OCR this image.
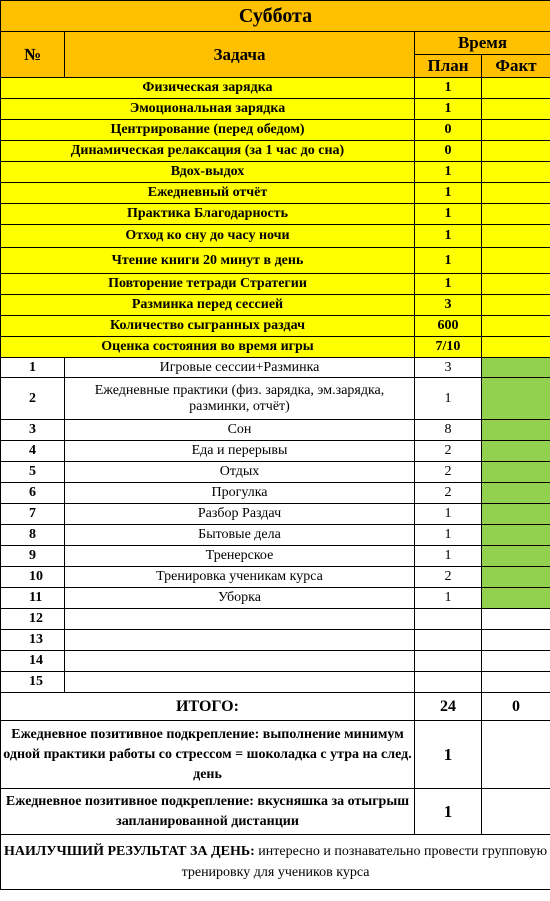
Суббота			
№	Задача	Время	
		План	Факт
Физическая зарядка		1	
Эмоциональная зарядка		1	
Центрирование (перед обедом)		0	
Динамическая релаксация (за 1 час до сна)		0	
Вдох-выдох		1	
Ежедневный отчёт		1	
Практика Благодарность		1	
Отход ко сну до часу ночи		1	
Чтение книги 20 минут в день		1	
Повторение тетради Стратегии		1	
Разминка перед сессией		3	
Количество сыгранных раздач		600	
Оценка состояния во время игры		7/10	
1	Игровые сессии+Разминка	3	
2	Ежедневные практики (физ. зарядка, эм.зарядка, разминки, отчёт)	1	
3	Сон	8	
4	Еда и перерывы	2	
5	Отдых	2	
6	Прогулка	2	
7	Разбор Раздач	1	
8	Бытовые дела	1	
9	Тренерское	1	
10	Тренировка ученикам курса	2	
11	Уборка	1	
12			
13			
14			
15			
ИТОГО:		24	0
Ежедневное позитивное подкрепление: выполнение минимум одной практики работы со стрессом = шоколадка с утра на след. день		1	
Ежедневное позитивное подкрепление: вкусняшка за отыгрыш запланированной дистанции		1	
НАИЛУЧШИЙ РЕЗУЛЬТАТ ЗА ДЕНЬ: интересно и познавательно провести групповую тренировку для учеников курса			
